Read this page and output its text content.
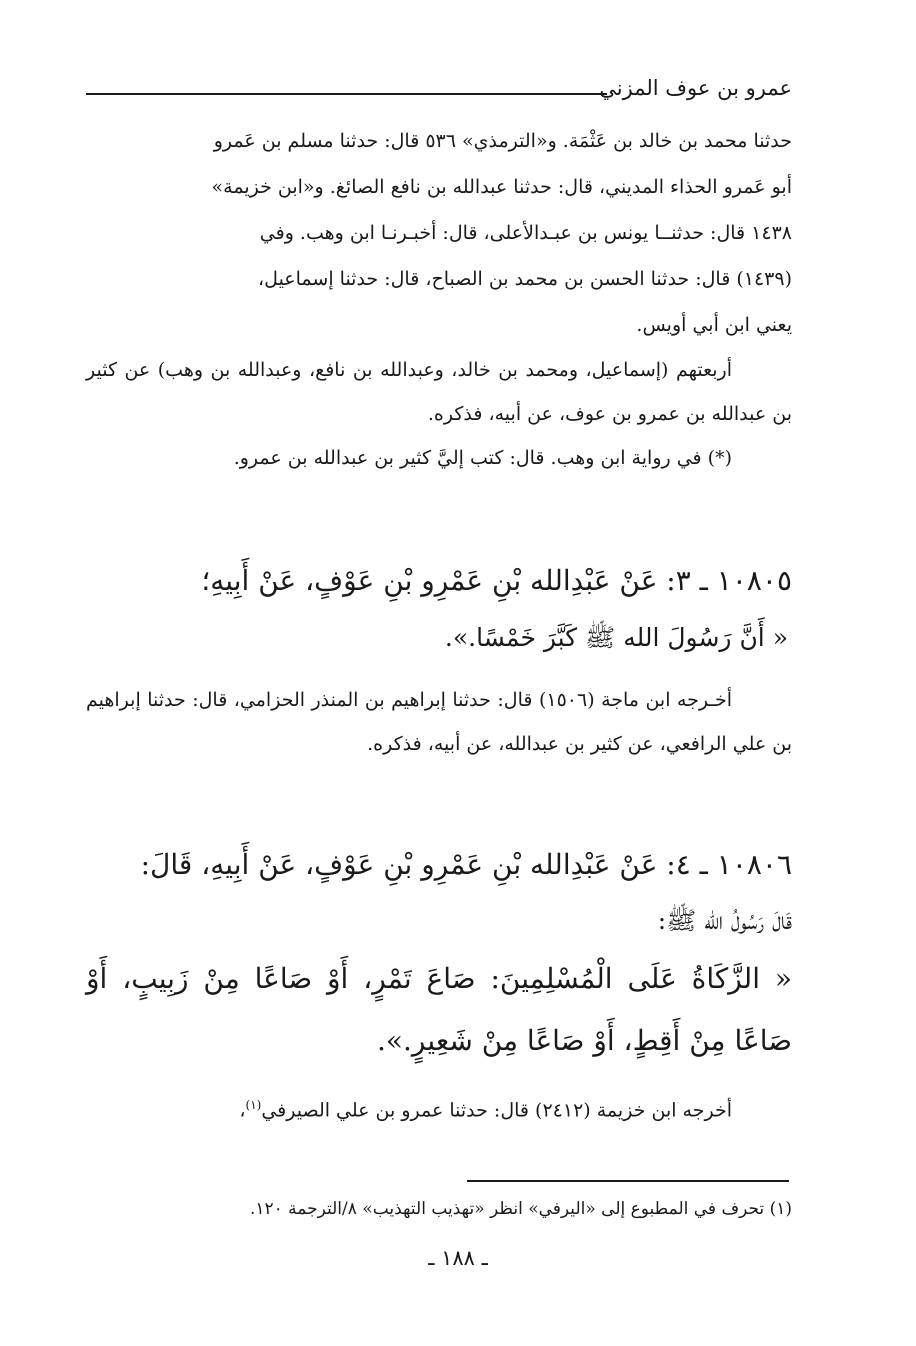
عمرو بن عوف المزني

حدثنا محمد بن خالد بن عَثْمَة. و«الترمذي» ٥٣٦ قال: حدثنا مسلم بن عَمرو

أبو عَمرو الحذاء المديني، قال: حدثنا عبدالله بن نافع الصائغ. و«ابن خزيمة»

١٤٣٨ قال: حدثنــا يونس بن عبـدالأعلى، قال: أخبـرنـا ابن وهب. وفي

(١٤٣٩) قال: حدثنا الحسن بن محمد بن الصباح، قال: حدثنا إسماعيل،

يعني ابن أبي أويس.

أربعتهم (إسماعيل، ومحمد بن خالد، وعبدالله بن نافع، وعبدالله بن وهب) عن كثير بن عبدالله بن عمرو بن عوف، عن أبيه، فذكره.

(*) في رواية ابن وهب. قال: كتب إليَّ كثير بن عبدالله بن عمرو.

١٠٨٠٥ ـ ٣: عَنْ عَبْدِالله بْنِ عَمْرِو بْنِ عَوْفٍ، عَنْ أَبِيهِ؛

« أَنَّ رَسُولَ الله ﷺ كَبَّرَ خَمْسًا.».

أخـرجه ابن ماجة (١٥٠٦) قال: حدثنا إبراهيم بن المنذر الحزامي، قال: حدثنا إبراهيم بن علي الرافعي، عن كثير بن عبدالله، عن أبيه، فذكره.

١٠٨٠٦ ـ ٤: عَنْ عَبْدِالله بْنِ عَمْرِو بْنِ عَوْفٍ، عَنْ أَبِيهِ، قَالَ:

قَالَ رَسُولُ الله ﷺ:

« الزَّكَاةُ عَلَى الْمُسْلِمِينَ: صَاعَ تَمْرٍ، أَوْ صَاعًا مِنْ زَبِيبٍ، أَوْ صَاعًا مِنْ أَقِطٍ، أَوْ صَاعًا مِنْ شَعِيرٍ.».

أخرجه ابن خزيمة (٢٤١٢) قال: حدثنا عمرو بن علي الصيرفي$^{(١)}$،

(١) تحرف في المطبوع إلى «اليرفي» انظر «تهذيب التهذيب» ٨/الترجمة ١٢٠.
ـ ١٨٨ ـ
